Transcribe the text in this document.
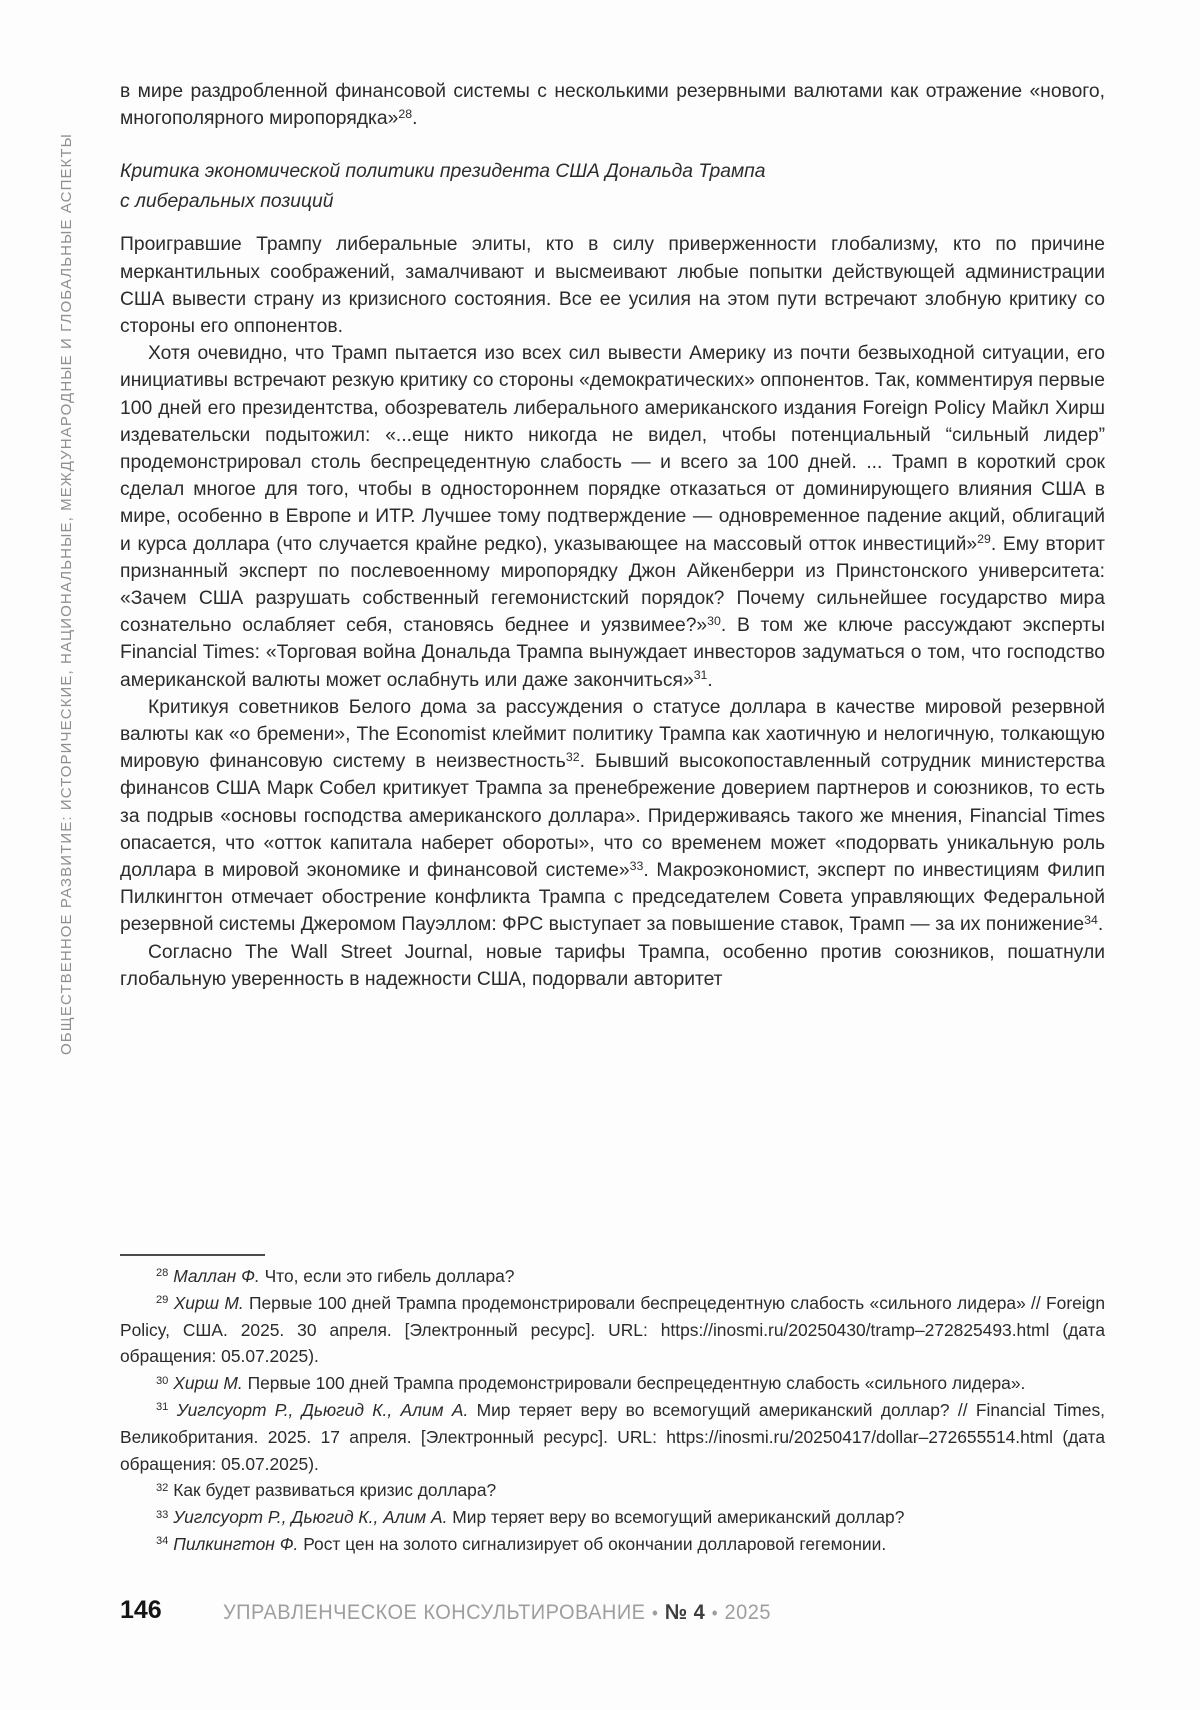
ОБЩЕСТВЕННОЕ РАЗВИТИЕ: ИСТОРИЧЕСКИЕ, НАЦИОНАЛЬНЫЕ, МЕЖДУНАРОДНЫЕ И ГЛОБАЛЬНЫЕ АСПЕКТЫ

в мире раздробленной финансовой системы с несколькими резервными валютами как отражение «нового, многополярного миропорядка»$^{28}$.

Критика экономической политики президента США Дональда Трампа
с либеральных позиций

Проигравшие Трампу либеральные элиты, кто в силу приверженности глобализму, кто по причине меркантильных соображений, замалчивают и высмеивают любые попытки действующей администрации США вывести страну из кризисного состояния. Все ее усилия на этом пути встречают злобную критику со стороны его оппонентов.

Хотя очевидно, что Трамп пытается изо всех сил вывести Америку из почти безвыходной ситуации, его инициативы встречают резкую критику со стороны «демократических» оппонентов. Так, комментируя первые 100 дней его президентства, обозреватель либерального американского издания Foreign Policy Майкл Хирш издевательски подытожил: «...еще никто никогда не видел, чтобы потенциальный “сильный лидер” продемонстрировал столь беспрецедентную слабость — и всего за 100 дней. ... Трамп в короткий срок сделал многое для того, чтобы в одностороннем порядке отказаться от доминирующего влияния США в мире, особенно в Европе и ИТР. Лучшее тому подтверждение — одновременное падение акций, облигаций и курса доллара (что случается крайне редко), указывающее на массовый отток инвестиций»$^{29}$. Ему вторит признанный эксперт по послевоенному миропорядку Джон Айкенберри из Принстонского университета: «Зачем США разрушать собственный гегемонистский порядок? Почему сильнейшее государство мира сознательно ослабляет себя, становясь беднее и уязвимее?»$^{30}$. В том же ключе рассуждают эксперты Financial Times: «Торговая война Дональда Трампа вынуждает инвесторов задуматься о том, что господство американской валюты может ослабнуть или даже закончиться»$^{31}$.

Критикуя советников Белого дома за рассуждения о статусе доллара в качестве мировой резервной валюты как «о бремени», The Economist клеймит политику Трампа как хаотичную и нелогичную, толкающую мировую финансовую систему в неизвестность$^{32}$. Бывший высокопоставленный сотрудник министерства финансов США Марк Собел критикует Трампа за пренебрежение доверием партнеров и союзников, то есть за подрыв «основы господства американского доллара». Придерживаясь такого же мнения, Financial Times опасается, что «отток капитала наберет обороты», что со временем может «подорвать уникальную роль доллара в мировой экономике и финансовой системе»$^{33}$. Макроэкономист, эксперт по инвестициям Филип Пилкингтон отмечает обострение конфликта Трампа с председателем Совета управляющих Федеральной резервной системы Джеромом Пауэллом: ФРС выступает за повышение ставок, Трамп — за их понижение$^{34}$.

Согласно The Wall Street Journal, новые тарифы Трампа, особенно против союзников, пошатнули глобальную уверенность в надежности США, подорвали авторитет

$^{28}$ Маллан Ф. Что, если это гибель доллара?

$^{29}$ Хирш М. Первые 100 дней Трампа продемонстрировали беспрецедентную слабость «сильного лидера» // Foreign Policy, США. 2025. 30 апреля. [Электронный ресурс]. URL: https://inosmi.ru/20250430/tramp–272825493.html (дата обращения: 05.07.2025).

$^{30}$ Хирш М. Первые 100 дней Трампа продемонстрировали беспрецедентную слабость «сильного лидера».

$^{31}$ Уиглсуорт Р., Дьюгид К., Алим А. Мир теряет веру во всемогущий американский доллар? // Financial Times, Великобритания. 2025. 17 апреля. [Электронный ресурс]. URL: https://inosmi.ru/20250417/dollar–272655514.html (дата обращения: 05.07.2025).

$^{32}$ Как будет развиваться кризис доллара?

$^{33}$ Уиглсуорт Р., Дьюгид К., Алим А. Мир теряет веру во всемогущий американский доллар?

$^{34}$ Пилкингтон Ф. Рост цен на золото сигнализирует об окончании долларовой гегемонии.

146	УПРАВЛЕНЧЕСКОЕ КОНСУЛЬТИРОВАНИЕ • № 4 • 2025
